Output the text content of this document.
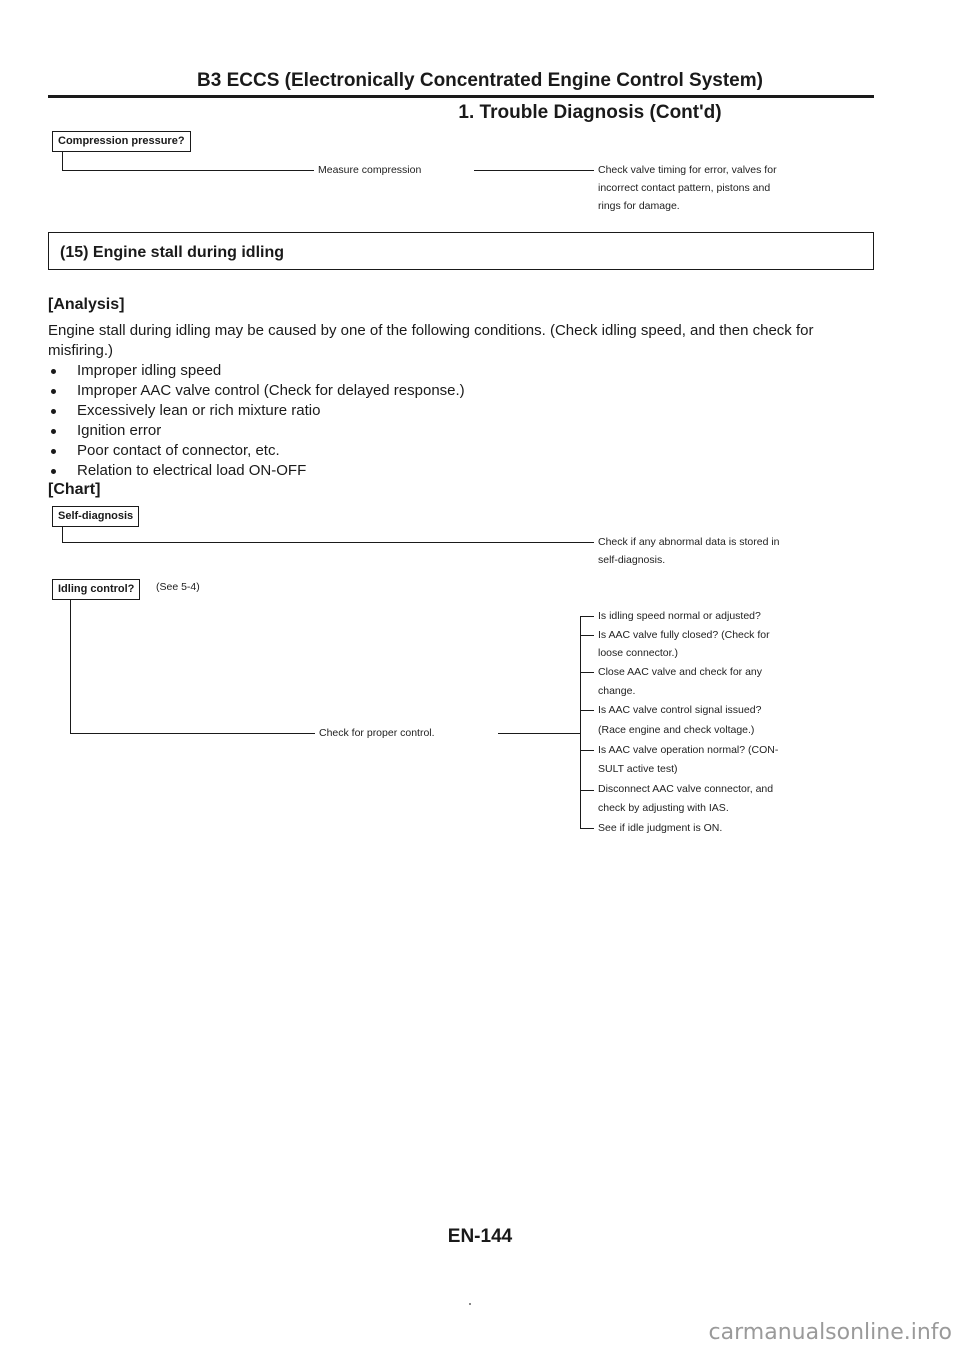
B3 ECCS (Electronically Concentrated Engine Control System)
1. Trouble Diagnosis (Cont'd)
Compression pressure?
Measure compression	Check valve timing for error, valves for
incorrect contact pattern, pistons and
rings for damage.
(15) Engine stall during idling
[Analysis]
Engine stall during idling may be caused by one of the following conditions. (Check idling speed, and then check for misfiring.)
Improper idling speed
Improper AAC valve control (Check for delayed response.)
Excessively lean or rich mixture ratio
Ignition error
Poor contact of connector, etc.
Relation to electrical load ON-OFF
[Chart]
Self-diagnosis
Check if any abnormal data is stored in
self-diagnosis.
Idling control?	(See 5-4)
Check for proper control.
Is idling speed normal or adjusted?
Is AAC valve fully closed? (Check for
loose connector.)
Close AAC valve and check for any
change.
Is AAC valve control signal issued?
(Race engine and check voltage.)
Is AAC valve operation normal? (CON-
SULT active test)
Disconnect AAC valve connector, and
check by adjusting with IAS.
See if idle judgment is ON.
EN-144
carmanualsonline.info
